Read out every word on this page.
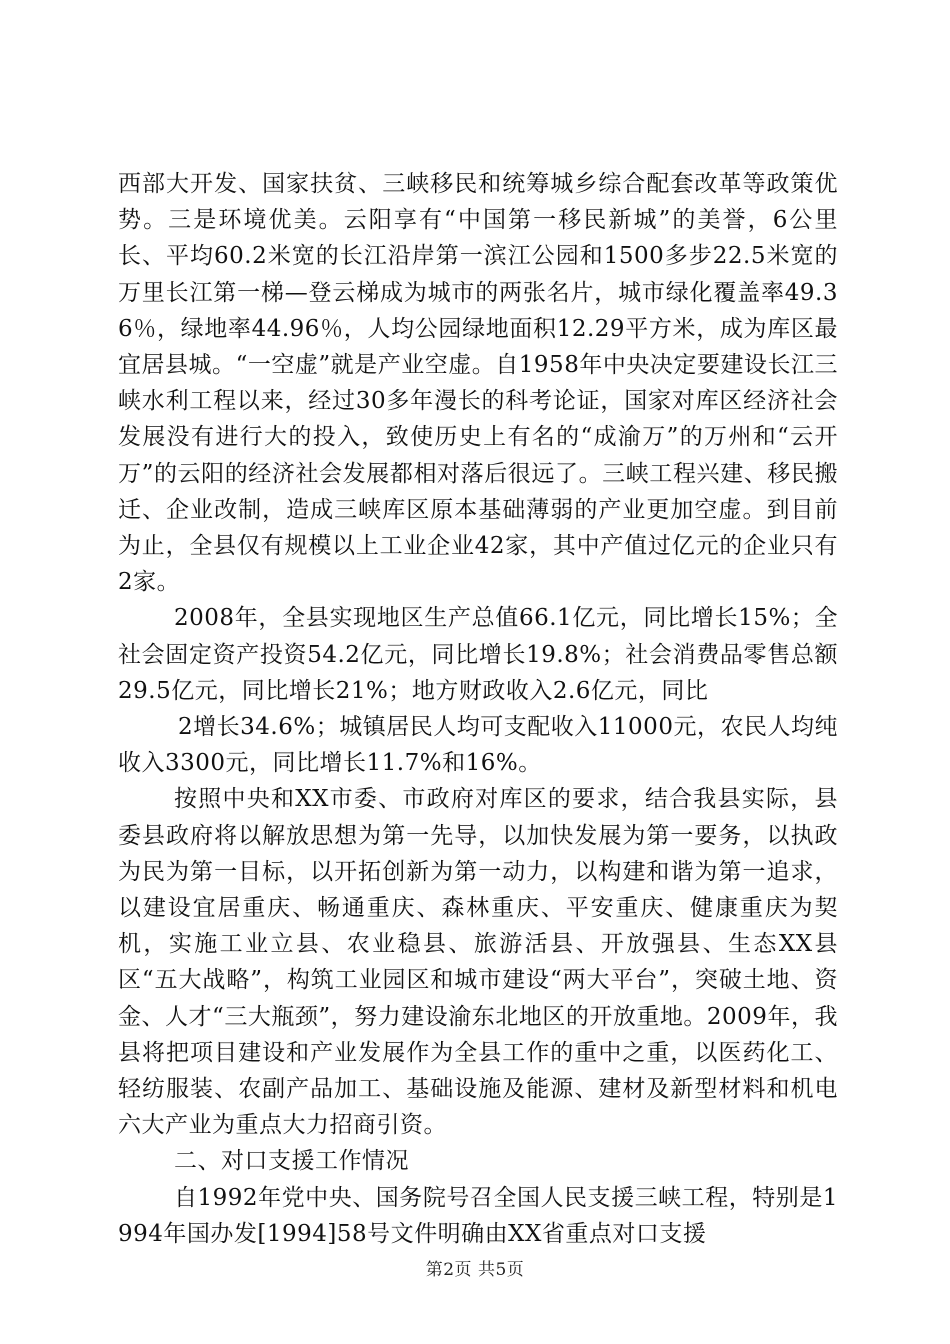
西部大开发、国家扶贫、三峡移民和统筹城乡综合配套改革等政策优势。三是环境优美。云阳享有“中国第一移民新城”的美誉，6公里长、平均60.2米宽的长江沿岸第一滨江公园和1500多步22.5米宽的万里长江第一梯—登云梯成为城市的两张名片，城市绿化覆盖率49.36％，绿地率44.96％，人均公园绿地面积12.29平方米，成为库区最宜居县城。“一空虚”就是产业空虚。自1958年中央决定要建设长江三峡水利工程以来，经过30多年漫长的科考论证，国家对库区经济社会发展没有进行大的投入，致使历史上有名的“成渝万”的万州和“云开万”的云阳的经济社会发展都相对落后很远了。三峡工程兴建、移民搬迁、企业改制，造成三峡库区原本基础薄弱的产业更加空虚。到目前为止，全县仅有规模以上工业企业42家，其中产值过亿元的企业只有2家。

2008年，全县实现地区生产总值66.1亿元，同比增长15%；全社会固定资产投资54.2亿元，同比增长19.8%；社会消费品零售总额29.5亿元，同比增长21%；地方财政收入2.6亿元，同比

2增长34.6%；城镇居民人均可支配收入11000元，农民人均纯收入3300元，同比增长11.7%和16%。

按照中央和XX市委、市政府对库区的要求，结合我县实际，县委县政府将以解放思想为第一先导，以加快发展为第一要务，以执政为民为第一目标，以开拓创新为第一动力，以构建和谐为第一追求，以建设宜居重庆、畅通重庆、森林重庆、平安重庆、健康重庆为契机，实施工业立县、农业稳县、旅游活县、开放强县、生态XX县区“五大战略”，构筑工业园区和城市建设“两大平台”，突破土地、资金、人才“三大瓶颈”，努力建设渝东北地区的开放重地。2009年，我县将把项目建设和产业发展作为全县工作的重中之重，以医药化工、轻纺服装、农副产品加工、基础设施及能源、建材及新型材料和机电六大产业为重点大力招商引资。

二、对口支援工作情况

自1992年党中央、国务院号召全国人民支援三峡工程，特别是1994年国办发[1994]58号文件明确由XX省重点对口支援

第2页 共5页
